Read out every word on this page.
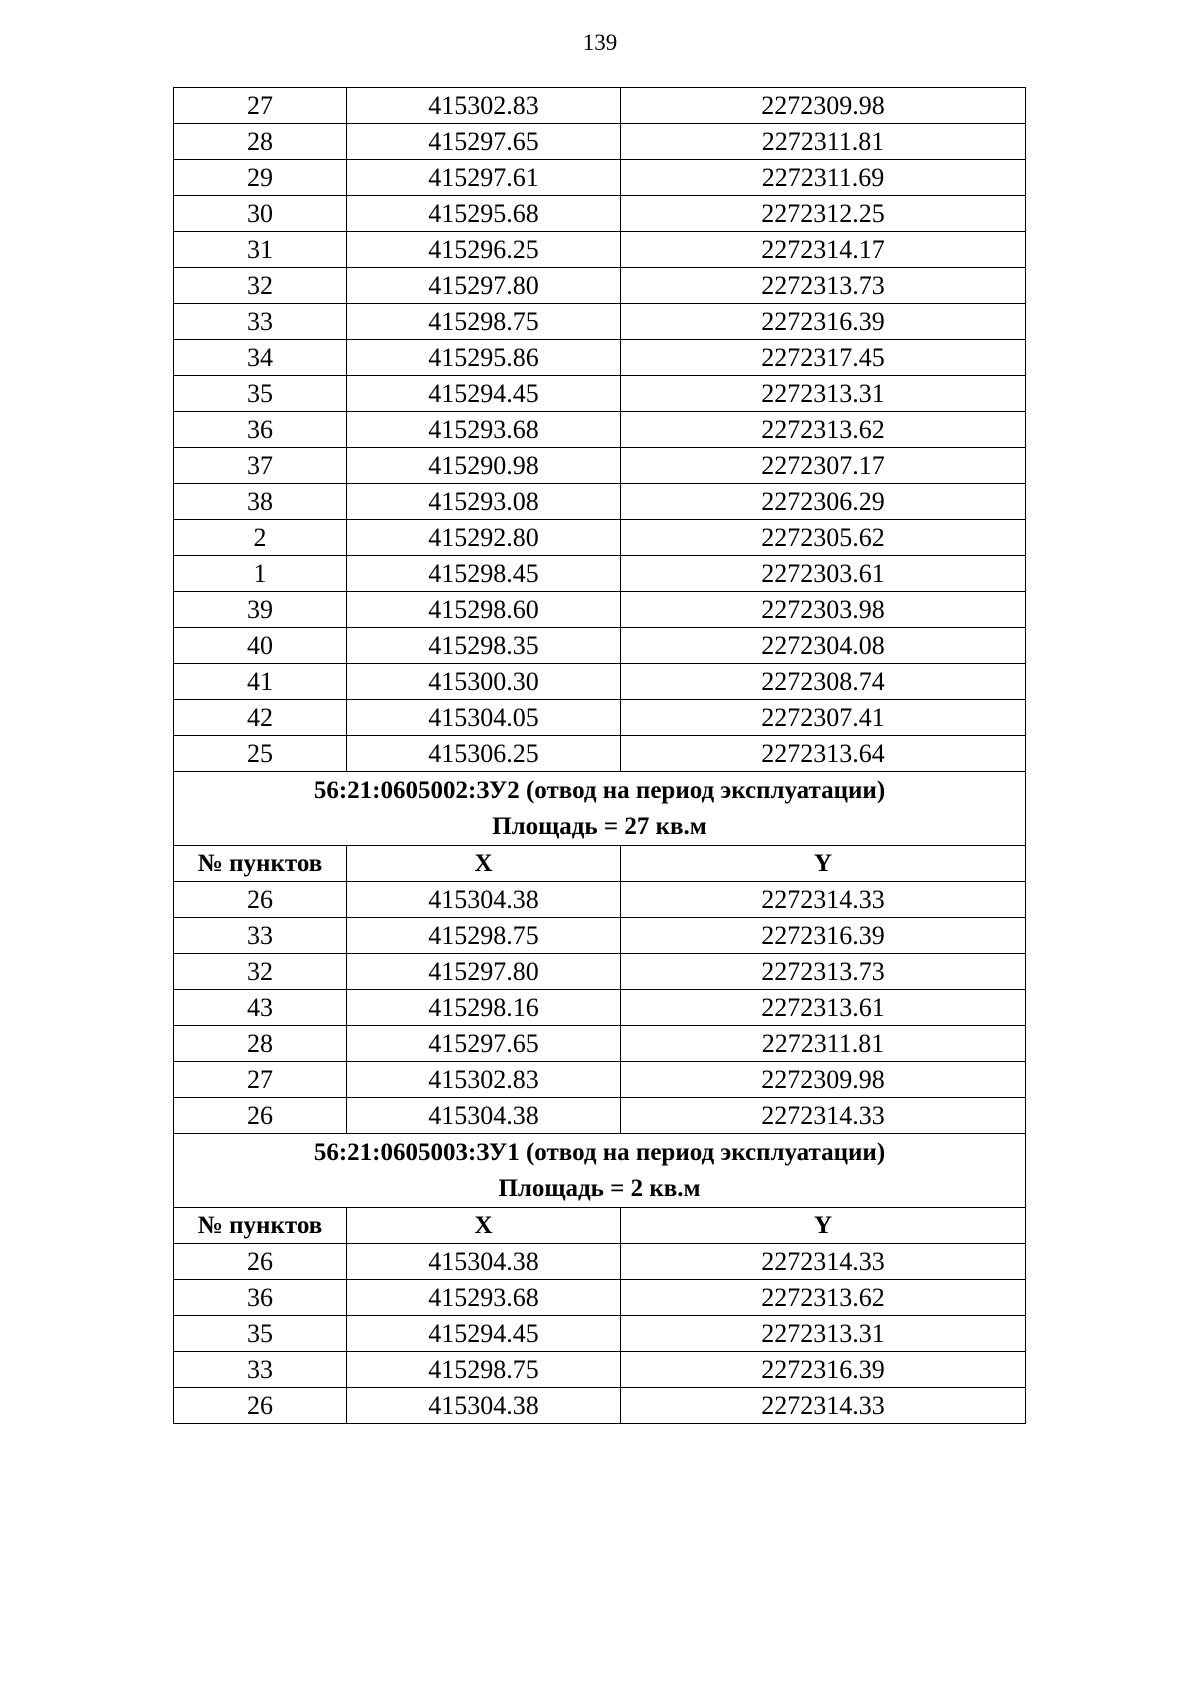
139
27	415302.83	2272309.98
28	415297.65	2272311.81
29	415297.61	2272311.69
30	415295.68	2272312.25
31	415296.25	2272314.17
32	415297.80	2272313.73
33	415298.75	2272316.39
34	415295.86	2272317.45
35	415294.45	2272313.31
36	415293.68	2272313.62
37	415290.98	2272307.17
38	415293.08	2272306.29
2	415292.80	2272305.62
1	415298.45	2272303.61
39	415298.60	2272303.98
40	415298.35	2272304.08
41	415300.30	2272308.74
42	415304.05	2272307.41
25	415306.25	2272313.64

56:21:0605002:ЗУ2 (отвод на период эксплуатации)
Площадь = 27 кв.м		

№ пунктов	X	Y
26	415304.38	2272314.33
33	415298.75	2272316.39
32	415297.80	2272313.73
43	415298.16	2272313.61
28	415297.65	2272311.81
27	415302.83	2272309.98
26	415304.38	2272314.33

56:21:0605003:ЗУ1 (отвод на период эксплуатации)
Площадь = 2 кв.м		

№ пунктов	X	Y
26	415304.38	2272314.33
36	415293.68	2272313.62
35	415294.45	2272313.31
33	415298.75	2272316.39
26	415304.38	2272314.33
